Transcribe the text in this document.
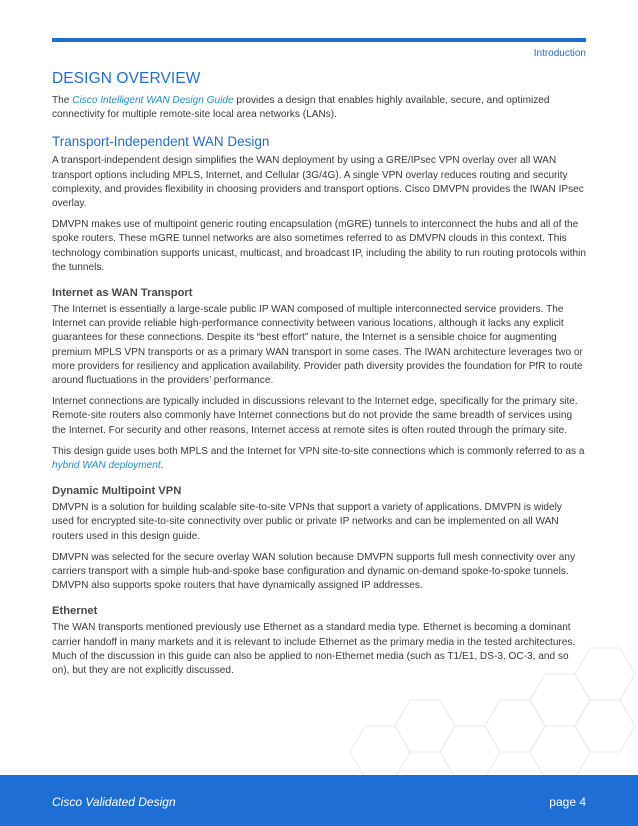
Introduction
DESIGN OVERVIEW

The Cisco Intelligent WAN Design Guide provides a design that enables highly available, secure, and optimized connectivity for multiple remote-site local area networks (LANs).

Transport-Independent WAN Design

A transport-independent design simplifies the WAN deployment by using a GRE/IPsec VPN overlay over all WAN transport options including MPLS, Internet, and Cellular (3G/4G). A single VPN overlay reduces routing and security complexity, and provides flexibility in choosing providers and transport options. Cisco DMVPN provides the IWAN IPsec overlay.

DMVPN makes use of multipoint generic routing encapsulation (mGRE) tunnels to interconnect the hubs and all of the spoke routers. These mGRE tunnel networks are also sometimes referred to as DMVPN clouds in this context. This technology combination supports unicast, multicast, and broadcast IP, including the ability to run routing protocols within the tunnels.

Internet as WAN Transport

The Internet is essentially a large-scale public IP WAN composed of multiple interconnected service providers. The Internet can provide reliable high-performance connectivity between various locations, although it lacks any explicit guarantees for these connections. Despite its “best effort” nature, the Internet is a sensible choice for augmenting premium MPLS VPN transports or as a primary WAN transport in some cases. The IWAN architecture leverages two or more providers for resiliency and application availability. Provider path diversity provides the foundation for PfR to route around fluctuations in the providers’ performance.

Internet connections are typically included in discussions relevant to the Internet edge, specifically for the primary site. Remote-site routers also commonly have Internet connections but do not provide the same breadth of services using the Internet. For security and other reasons, Internet access at remote sites is often routed through the primary site.

This design guide uses both MPLS and the Internet for VPN site-to-site connections which is commonly referred to as a hybrid WAN deployment.

Dynamic Multipoint VPN

DMVPN is a solution for building scalable site-to-site VPNs that support a variety of applications. DMVPN is widely used for encrypted site-to-site connectivity over public or private IP networks and can be implemented on all WAN routers used in this design guide.

DMVPN was selected for the secure overlay WAN solution because DMVPN supports full mesh connectivity over any carriers transport with a simple hub-and-spoke base configuration and dynamic on-demand spoke-to-spoke tunnels. DMVPN also supports spoke routers that have dynamically assigned IP addresses.

Ethernet

The WAN transports mentioned previously use Ethernet as a standard media type. Ethernet is becoming a dominant carrier handoff in many markets and it is relevant to include Ethernet as the primary media in the tested architectures. Much of the discussion in this guide can also be applied to non-Ethernet media (such as T1/E1, DS-3, OC-3, and so on), but they are not explicitly discussed.

Cisco Validated Design	page 4
